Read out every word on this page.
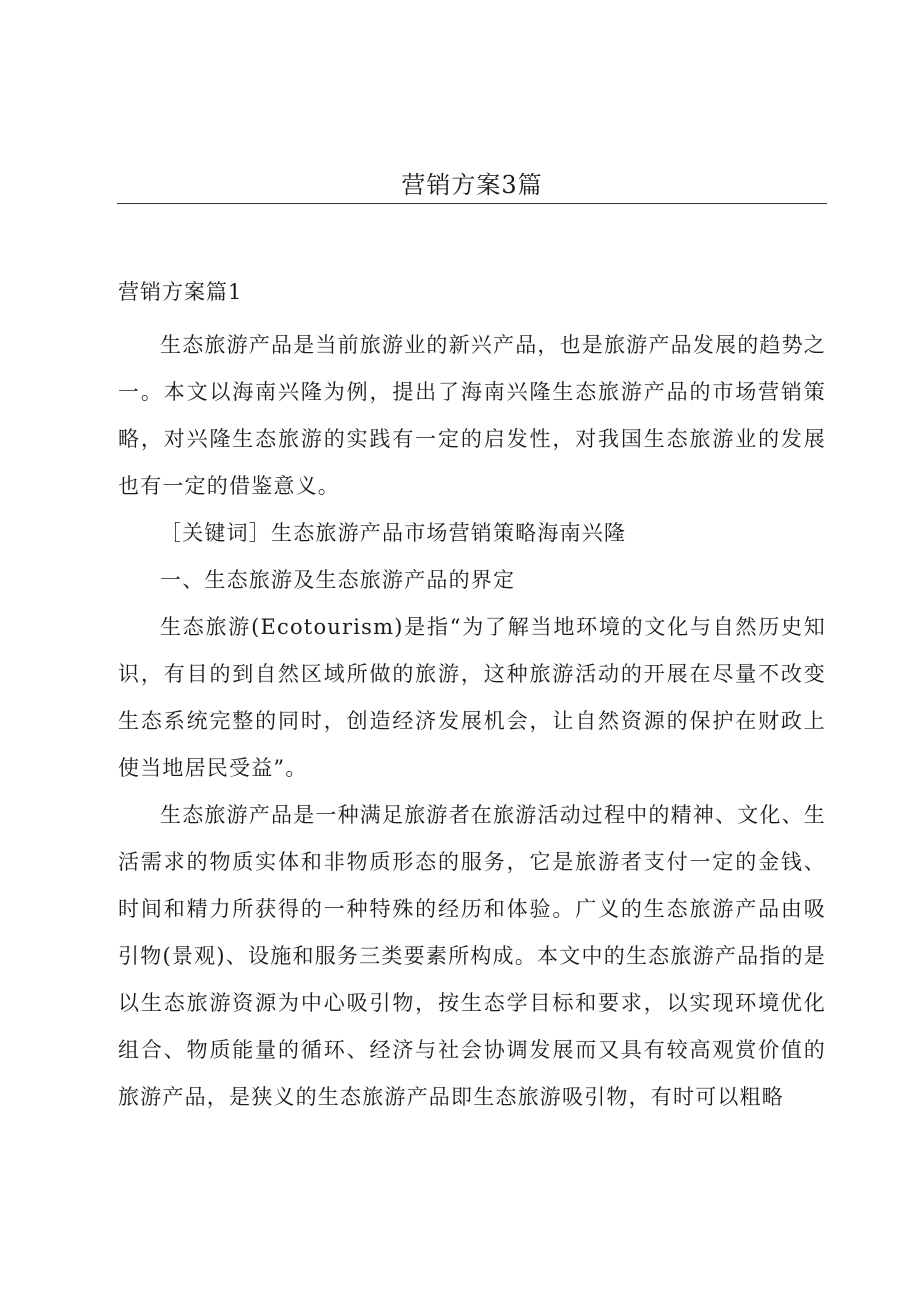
营销方案3篇
营销方案篇1

生态旅游产品是当前旅游业的新兴产品，也是旅游产品发展的趋势之一。本文以海南兴隆为例，提出了海南兴隆生态旅游产品的市场营销策略，对兴隆生态旅游的实践有一定的启发性，对我国生态旅游业的发展也有一定的借鉴意义。

［关键词］生态旅游产品市场营销策略海南兴隆

一、生态旅游及生态旅游产品的界定

生态旅游(Ecotourism)是指“为了解当地环境的文化与自然历史知识，有目的到自然区域所做的旅游，这种旅游活动的开展在尽量不改变生态系统完整的同时，创造经济发展机会，让自然资源的保护在财政上使当地居民受益”。

生态旅游产品是一种满足旅游者在旅游活动过程中的精神、文化、生活需求的物质实体和非物质形态的服务，它是旅游者支付一定的金钱、时间和精力所获得的一种特殊的经历和体验。广义的生态旅游产品由吸引物(景观)、设施和服务三类要素所构成。本文中的生态旅游产品指的是以生态旅游资源为中心吸引物，按生态学目标和要求，以实现环境优化组合、物质能量的循环、经济与社会协调发展而又具有较高观赏价值的旅游产品，是狭义的生态旅游产品即生态旅游吸引物，有时可以粗略
